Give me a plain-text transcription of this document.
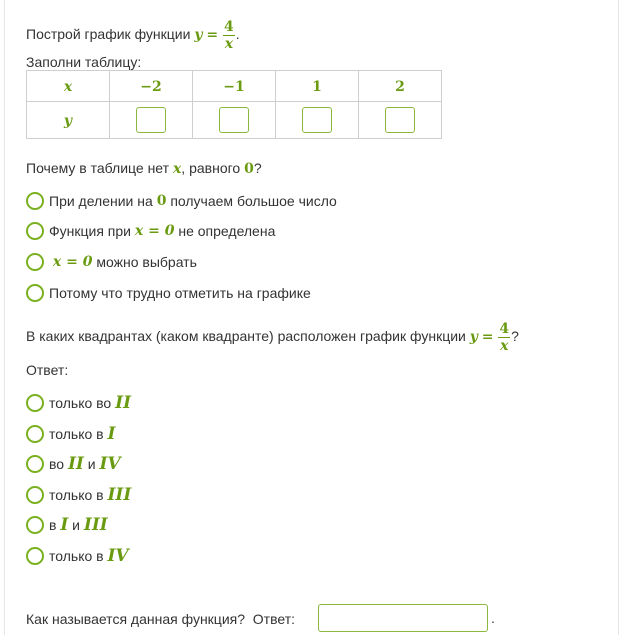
Построй график функции $y = \frac{4}{x}$ .
Заполни таблицу:
x	−2	−1	1	2
y				
Почему в таблице нет x, равного 0?
При делении на
0
получаем большое число
Функция при
x = 0
не определена

x = 0
можно выбрать
Потому что трудно отметить на графике
В каких квадрантах (каком квадранте) расположен график функции $y = \frac{4}{x}$ ?
Ответ:
только во
II
только в
I
во
II
и
IV
только в
III
в
I
и
III
только в
IV
Как называется данная функция? Ответ:	.
